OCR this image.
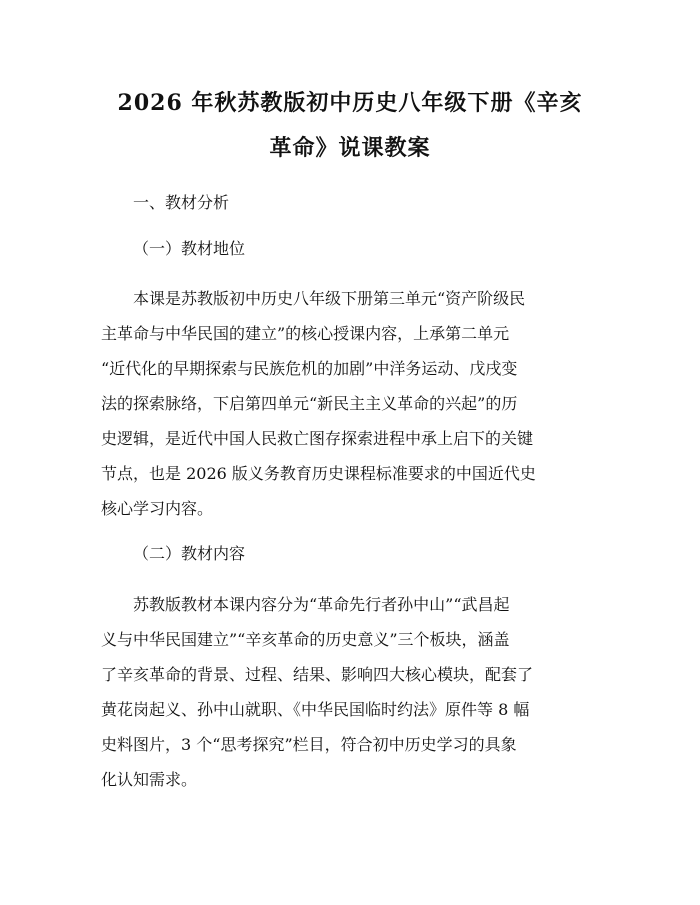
2026 年秋苏教版初中历史八年级下册《辛亥
革命》说课教案

一、教材分析

（一）教材地位

本课是苏教版初中历史八年级下册第三单元“资产阶级民

主革命与中华民国的建立”的核心授课内容，上承第二单元

“近代化的早期探索与民族危机的加剧”中洋务运动、戊戌变

法的探索脉络，下启第四单元“新民主主义革命的兴起”的历

史逻辑，是近代中国人民救亡图存探索进程中承上启下的关键

节点，也是 2026 版义务教育历史课程标准要求的中国近代史

核心学习内容。

（二）教材内容

苏教版教材本课内容分为“革命先行者孙中山”“武昌起

义与中华民国建立”“辛亥革命的历史意义”三个板块，涵盖

了辛亥革命的背景、过程、结果、影响四大核心模块，配套了

黄花岗起义、孙中山就职、《中华民国临时约法》原件等 8 幅

史料图片，3 个“思考探究”栏目，符合初中历史学习的具象

化认知需求。
